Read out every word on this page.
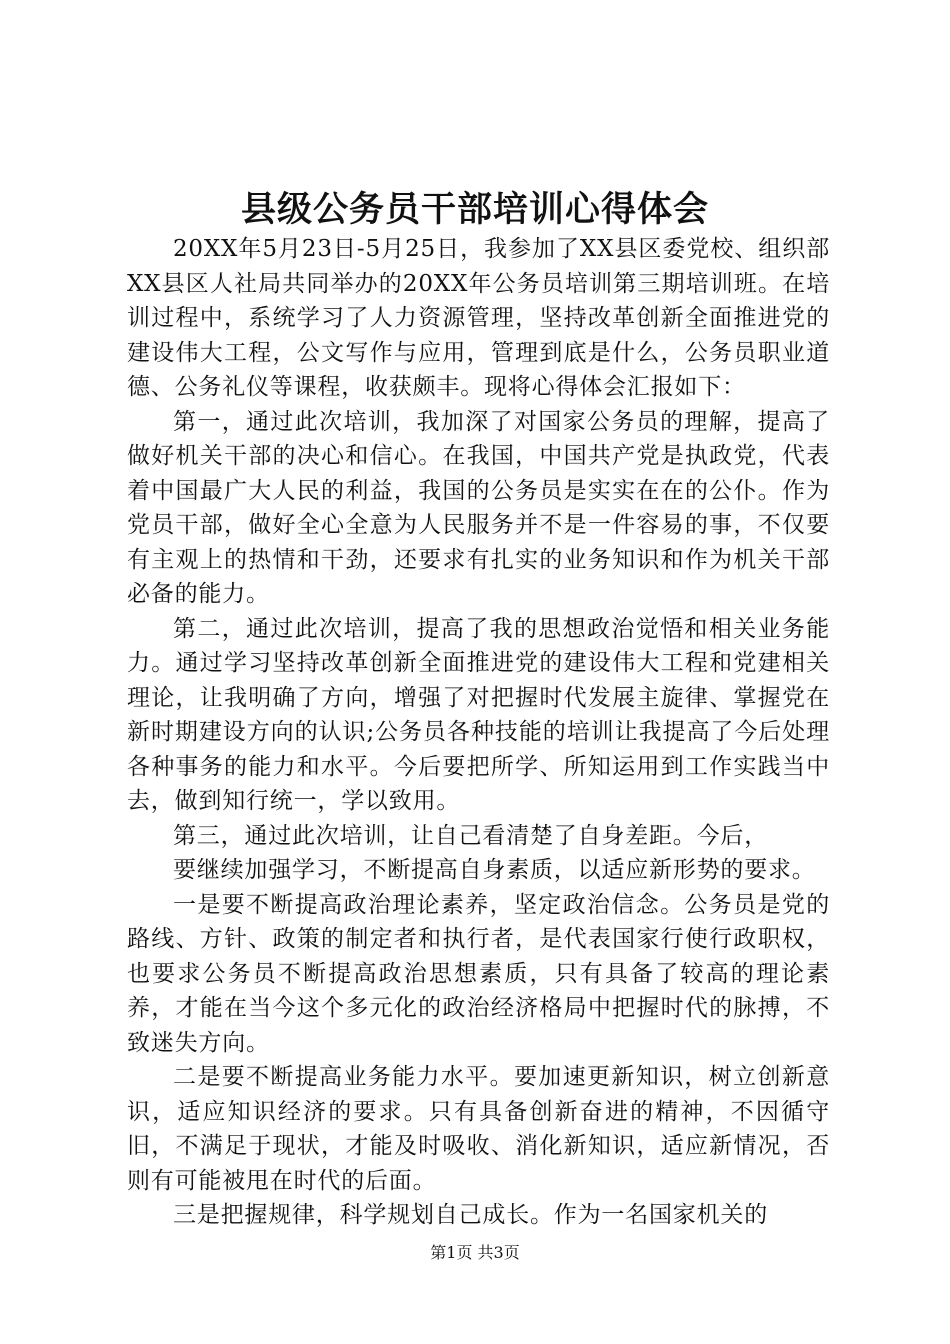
县级公务员干部培训心得体会

20XX年5月23日-5月25日，我参加了XX县区委党校、组织部XX县区人社局共同举办的20XX年公务员培训第三期培训班。在培训过程中，系统学习了人力资源管理，坚持改革创新全面推进党的建设伟大工程，公文写作与应用，管理到底是什么，公务员职业道德、公务礼仪等课程，收获颇丰。现将心得体会汇报如下：

第一，通过此次培训，我加深了对国家公务员的理解，提高了做好机关干部的决心和信心。在我国，中国共产党是执政党，代表着中国最广大人民的利益，我国的公务员是实实在在的公仆。作为党员干部，做好全心全意为人民服务并不是一件容易的事，不仅要有主观上的热情和干劲，还要求有扎实的业务知识和作为机关干部必备的能力。

第二，通过此次培训，提高了我的思想政治觉悟和相关业务能力。通过学习坚持改革创新全面推进党的建设伟大工程和党建相关理论，让我明确了方向，增强了对把握时代发展主旋律、掌握党在新时期建设方向的认识;公务员各种技能的培训让我提高了今后处理各种事务的能力和水平。今后要把所学、所知运用到工作实践当中去，做到知行统一，学以致用。

第三，通过此次培训，让自己看清楚了自身差距。今后，

要继续加强学习，不断提高自身素质，以适应新形势的要求。

一是要不断提高政治理论素养，坚定政治信念。公务员是党的路线、方针、政策的制定者和执行者，是代表国家行使行政职权，也要求公务员不断提高政治思想素质，只有具备了较高的理论素养，才能在当今这个多元化的政治经济格局中把握时代的脉搏，不致迷失方向。

二是要不断提高业务能力水平。要加速更新知识，树立创新意识，适应知识经济的要求。只有具备创新奋进的精神，不因循守旧，不满足于现状，才能及时吸收、消化新知识，适应新情况，否则有可能被甩在时代的后面。

三是把握规律，科学规划自己成长。作为一名国家机关的

第1页 共3页
